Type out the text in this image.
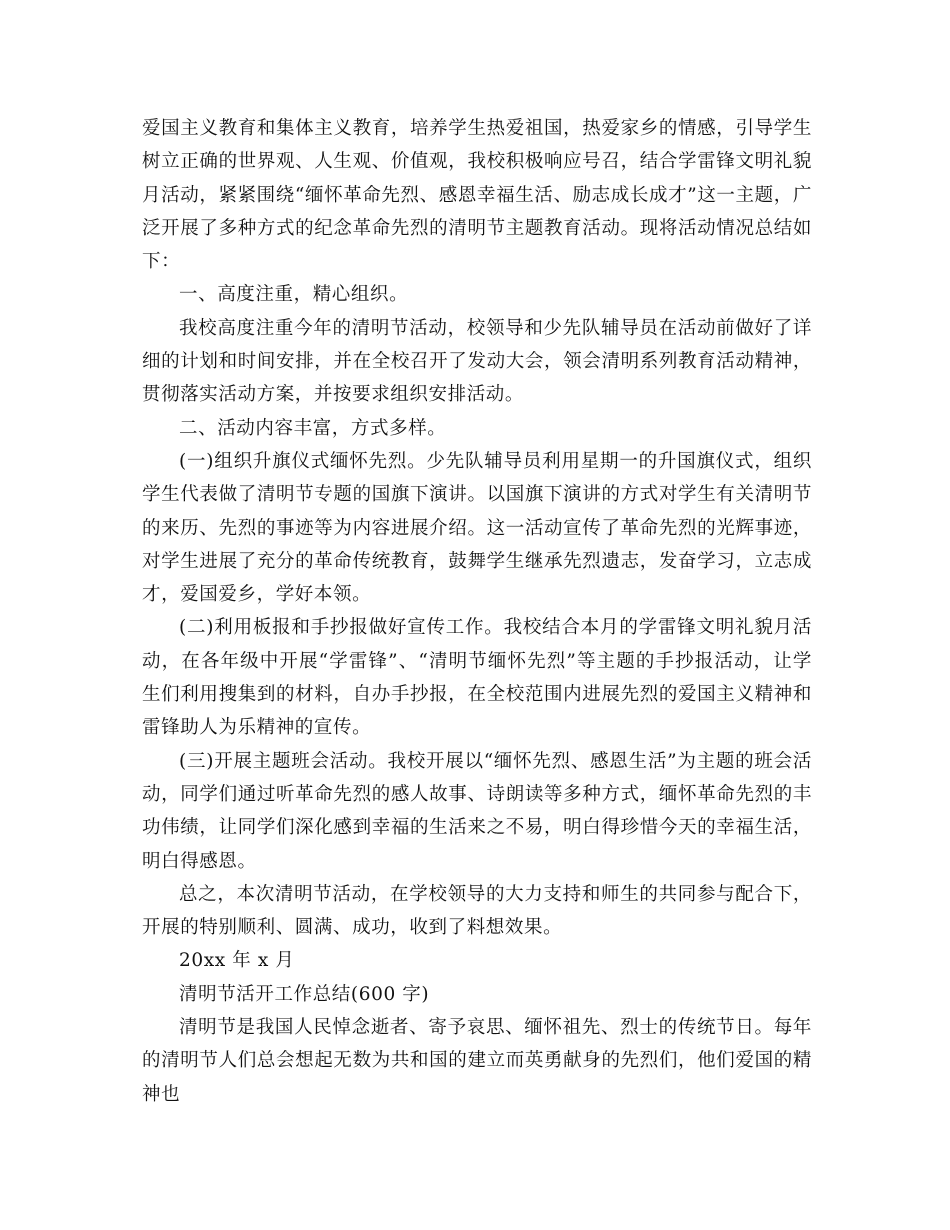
爱国主义教育和集体主义教育，培养学生热爱祖国，热爱家乡的情感，引导学生树立正确的世界观、人生观、价值观，我校积极响应号召，结合学雷锋文明礼貌月活动，紧紧围绕“缅怀革命先烈、感恩幸福生活、励志成长成才”这一主题，广泛开展了多种方式的纪念革命先烈的清明节主题教育活动。现将活动情况总结如下：

一、高度注重，精心组织。

我校高度注重今年的清明节活动，校领导和少先队辅导员在活动前做好了详细的计划和时间安排，并在全校召开了发动大会，领会清明系列教育活动精神，贯彻落实活动方案，并按要求组织安排活动。

二、活动内容丰富，方式多样。

(一)组织升旗仪式缅怀先烈。少先队辅导员利用星期一的升国旗仪式，组织学生代表做了清明节专题的国旗下演讲。以国旗下演讲的方式对学生有关清明节的来历、先烈的事迹等为内容进展介绍。这一活动宣传了革命先烈的光辉事迹，对学生进展了充分的革命传统教育，鼓舞学生继承先烈遗志，发奋学习，立志成才，爱国爱乡，学好本领。

(二)利用板报和手抄报做好宣传工作。我校结合本月的学雷锋文明礼貌月活动，在各年级中开展“学雷锋”、“清明节缅怀先烈”等主题的手抄报活动，让学生们利用搜集到的材料，自办手抄报，在全校范围内进展先烈的爱国主义精神和雷锋助人为乐精神的宣传。

(三)开展主题班会活动。我校开展以“缅怀先烈、感恩生活”为主题的班会活动，同学们通过听革命先烈的感人故事、诗朗读等多种方式，缅怀革命先烈的丰功伟绩，让同学们深化感到幸福的生活来之不易，明白得珍惜今天的幸福生活，明白得感恩。

总之，本次清明节活动，在学校领导的大力支持和师生的共同参与配合下，开展的特别顺利、圆满、成功，收到了料想效果。

20xx 年 x 月

清明节活开工作总结(600 字)

清明节是我国人民悼念逝者、寄予哀思、缅怀祖先、烈士的传统节日。每年的清明节人们总会想起无数为共和国的建立而英勇献身的先烈们，他们爱国的精神也
